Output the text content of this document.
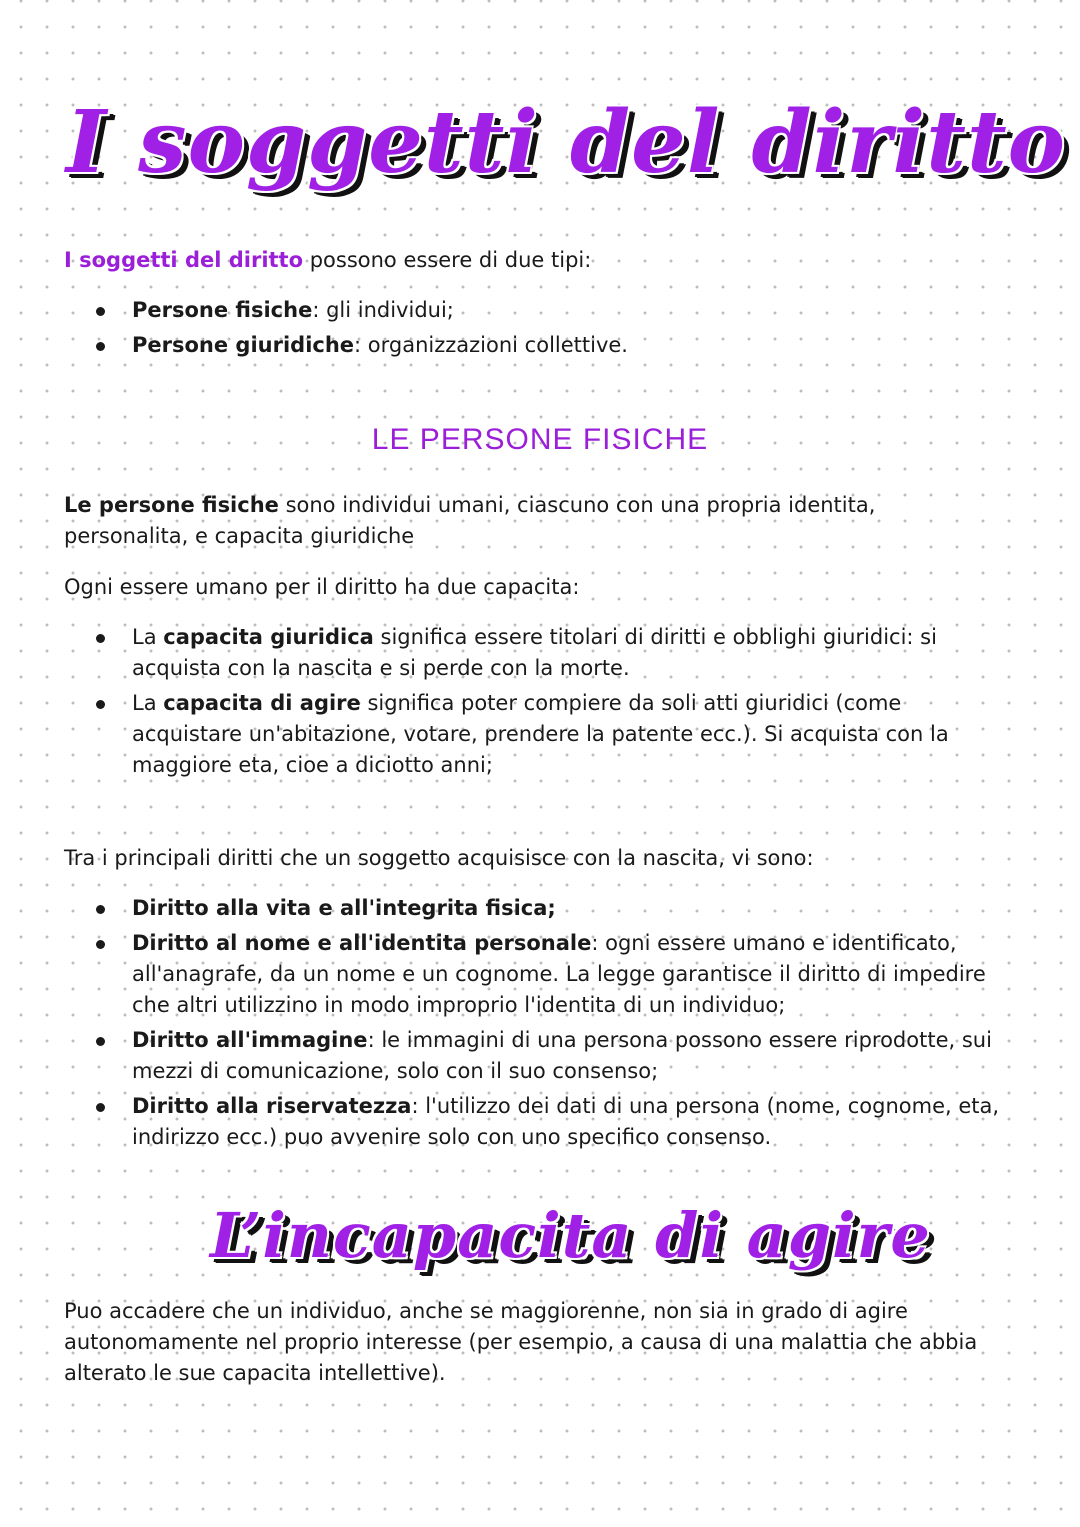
I soggetti del diritto
I soggetti del diritto possono essere di due tipi:
Persone fisiche: gli individui;
Persone giuridiche: organizzazioni collettive.
LE PERSONE FISICHE
Le persone fisiche sono individui umani, ciascuno con una propria identita, personalita, e capacita giuridiche
Ogni essere umano per il diritto ha due capacita:
La capacita giuridica significa essere titolari di diritti e obblighi giuridici: si acquista con la nascita e si perde con la morte.
La capacita di agire significa poter compiere da soli atti giuridici (come acquistare un'abitazione, votare, prendere la patente ecc.). Si acquista con la maggiore eta, cioe a diciotto anni;
Tra i principali diritti che un soggetto acquisisce con la nascita, vi sono:
Diritto alla vita e all'integrita fisica;
Diritto al nome e all'identita personale: ogni essere umano e identificato, all'anagrafe, da un nome e un cognome. La legge garantisce il diritto di impedire che altri utilizzino in modo improprio l'identita di un individuo;
Diritto all'immagine: le immagini di una persona possono essere riprodotte, sui mezzi di comunicazione, solo con il suo consenso;
Diritto alla riservatezza: l'utilizzo dei dati di una persona (nome, cognome, eta, indirizzo ecc.) puo avvenire solo con uno specifico consenso.
L’incapacita di agire
Puo accadere che un individuo, anche se maggiorenne, non sia in grado di agire autonomamente nel proprio interesse (per esempio, a causa di una malattia che abbia alterato le sue capacita intellettive).
